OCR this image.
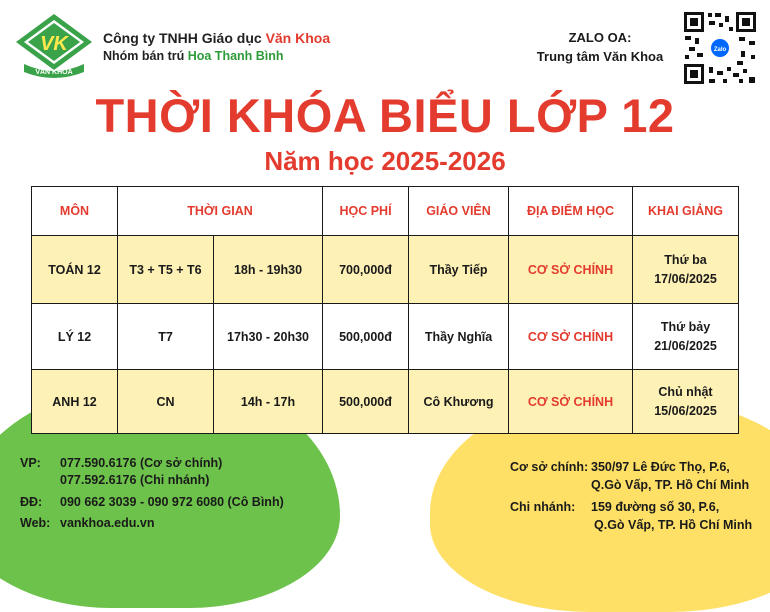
VK
VĂN KHOA
Công ty TNHH Giáo dục Văn Khoa
Nhóm bán trú Hoa Thanh Bình
ZALO OA:
Trung tâm Văn Khoa	Zalo
THỜI KHÓA BIỂU LỚP 12
Năm học 2025-2026
MÔN	THỜI GIAN		HỌC PHÍ	GIÁO VIÊN	ĐỊA ĐIỂM HỌC	KHAI GIẢNG
TOÁN 12	T3 + T5 + T6	18h - 19h30	700,000đ	Thầy Tiếp	CƠ SỞ CHÍNH	Thứ ba
17/06/2025

LÝ 12	T7	17h30 - 20h30	500,000đ	Thầy Nghĩa	CƠ SỞ CHÍNH	Thứ bảy
21/06/2025

ANH 12	CN	14h - 17h	500,000đ	Cô Khương	CƠ SỞ CHÍNH	Chủ nhật
15/06/2025
VP: 077.590.6176 (Cơ sở chính)
077.592.6176 (Chi nhánh)
ĐĐ: 090 662 3039 - 090 972 6080 (Cô Bình)
Web: vankhoa.edu.vn
Cơ sở chính: 350/97 Lê Đức Thọ, P.6,
Q.Gò Vấp, TP. Hồ Chí Minh
Chi nhánh: 159 đường số 30, P.6,
Q.Gò Vấp, TP. Hồ Chí Minh
